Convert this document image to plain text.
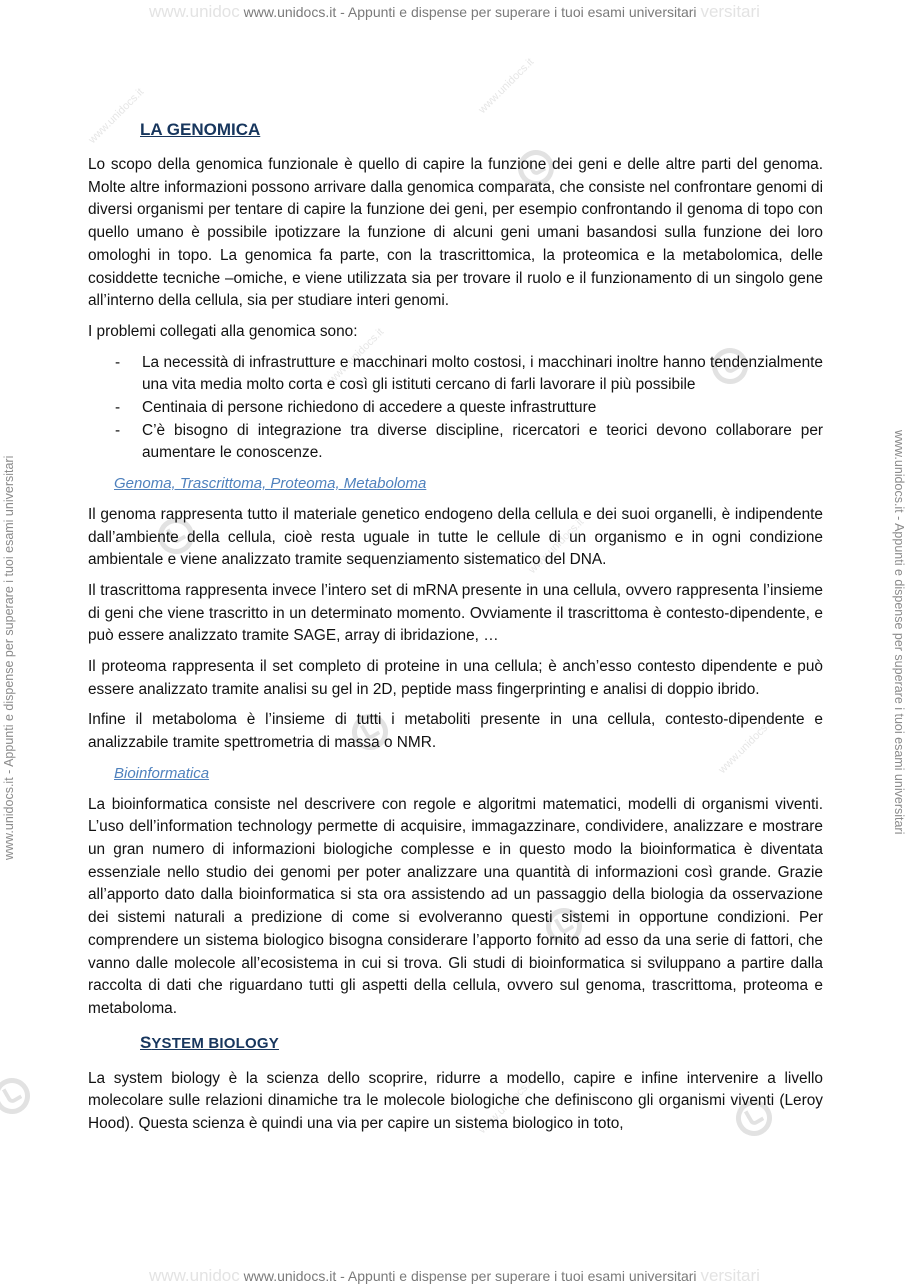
www.unidoc www.unidocs.it - Appunti e dispense per superare i tuoi esami universitari versitari
www.unidoc www.unidocs.it - Appunti e dispense per superare i tuoi esami universitari versitari
www.unidocs.it - Appunti e dispense per superare i tuoi esami universitari	www.unidocs.it - Appunti e dispense per superare i tuoi esami universitari
www.unidocs.it
www.unidocs.it
www.unidocs.it
www.unidocs.it
www.unidocs.it
www.unidocs.it
LA GENOMICA

Lo scopo della genomica funzionale è quello di capire la funzione dei geni e delle altre parti del genoma. Molte altre informazioni possono arrivare dalla genomica comparata, che consiste nel confrontare genomi di diversi organismi per tentare di capire la funzione dei geni, per esempio confrontando il genoma di topo con quello umano è possibile ipotizzare la funzione di alcuni geni umani basandosi sulla funzione dei loro omologhi in topo. La genomica fa parte, con la trascrittomica, la proteomica e la metabolomica, delle cosiddette tecniche –omiche, e viene utilizzata sia per trovare il ruolo e il funzionamento di un singolo gene all’interno della cellula, sia per studiare interi genomi.

I problemi collegati alla genomica sono:

- La necessità di infrastrutture e macchinari molto costosi, i macchinari inoltre hanno tendenzialmente una vita media molto corta e così gli istituti cercano di farli lavorare il più possibile
- Centinaia di persone richiedono di accedere a queste infrastrutture
- C’è bisogno di integrazione tra diverse discipline, ricercatori e teorici devono collaborare per aumentare le conoscenze.
Genoma, Trascrittoma, Proteoma, Metaboloma

Il genoma rappresenta tutto il materiale genetico endogeno della cellula e dei suoi organelli, è indipendente dall’ambiente della cellula, cioè resta uguale in tutte le cellule di un organismo e in ogni condizione ambientale e viene analizzato tramite sequenziamento sistematico del DNA.

Il trascrittoma rappresenta invece l’intero set di mRNA presente in una cellula, ovvero rappresenta l’insieme di geni che viene trascritto in un determinato momento. Ovviamente il trascrittoma è contesto-dipendente, e può essere analizzato tramite SAGE, array di ibridazione, …

Il proteoma rappresenta il set completo di proteine in una cellula; è anch’esso contesto dipendente e può essere analizzato tramite analisi su gel in 2D, peptide mass fingerprinting e analisi di doppio ibrido.

Infine il metaboloma è l’insieme di tutti i metaboliti presente in una cellula, contesto-dipendente e analizzabile tramite spettrometria di massa o NMR.

Bioinformatica

La bioinformatica consiste nel descrivere con regole e algoritmi matematici, modelli di organismi viventi. L’uso dell’information technology permette di acquisire, immagazzinare, condividere, analizzare e mostrare un gran numero di informazioni biologiche complesse e in questo modo la bioinformatica è diventata essenziale nello studio dei genomi per poter analizzare una quantità di informazioni così grande. Grazie all’apporto dato dalla bioinformatica si sta ora assistendo ad un passaggio della biologia da osservazione dei sistemi naturali a predizione di come si evolveranno questi sistemi in opportune condizioni. Per comprendere un sistema biologico bisogna considerare l’apporto fornito ad esso da una serie di fattori, che vanno dalle molecole all’ecosistema in cui si trova. Gli studi di bioinformatica si sviluppano a partire dalla raccolta di dati che riguardano tutti gli aspetti della cellula, ovvero sul genoma, trascrittoma, proteoma e metaboloma.

SYSTEM BIOLOGY

La system biology è la scienza dello scoprire, ridurre a modello, capire e infine intervenire a livello molecolare sulle relazioni dinamiche tra le molecole biologiche che definiscono gli organismi viventi (Leroy Hood). Questa scienza è quindi una via per capire un sistema biologico in toto,
